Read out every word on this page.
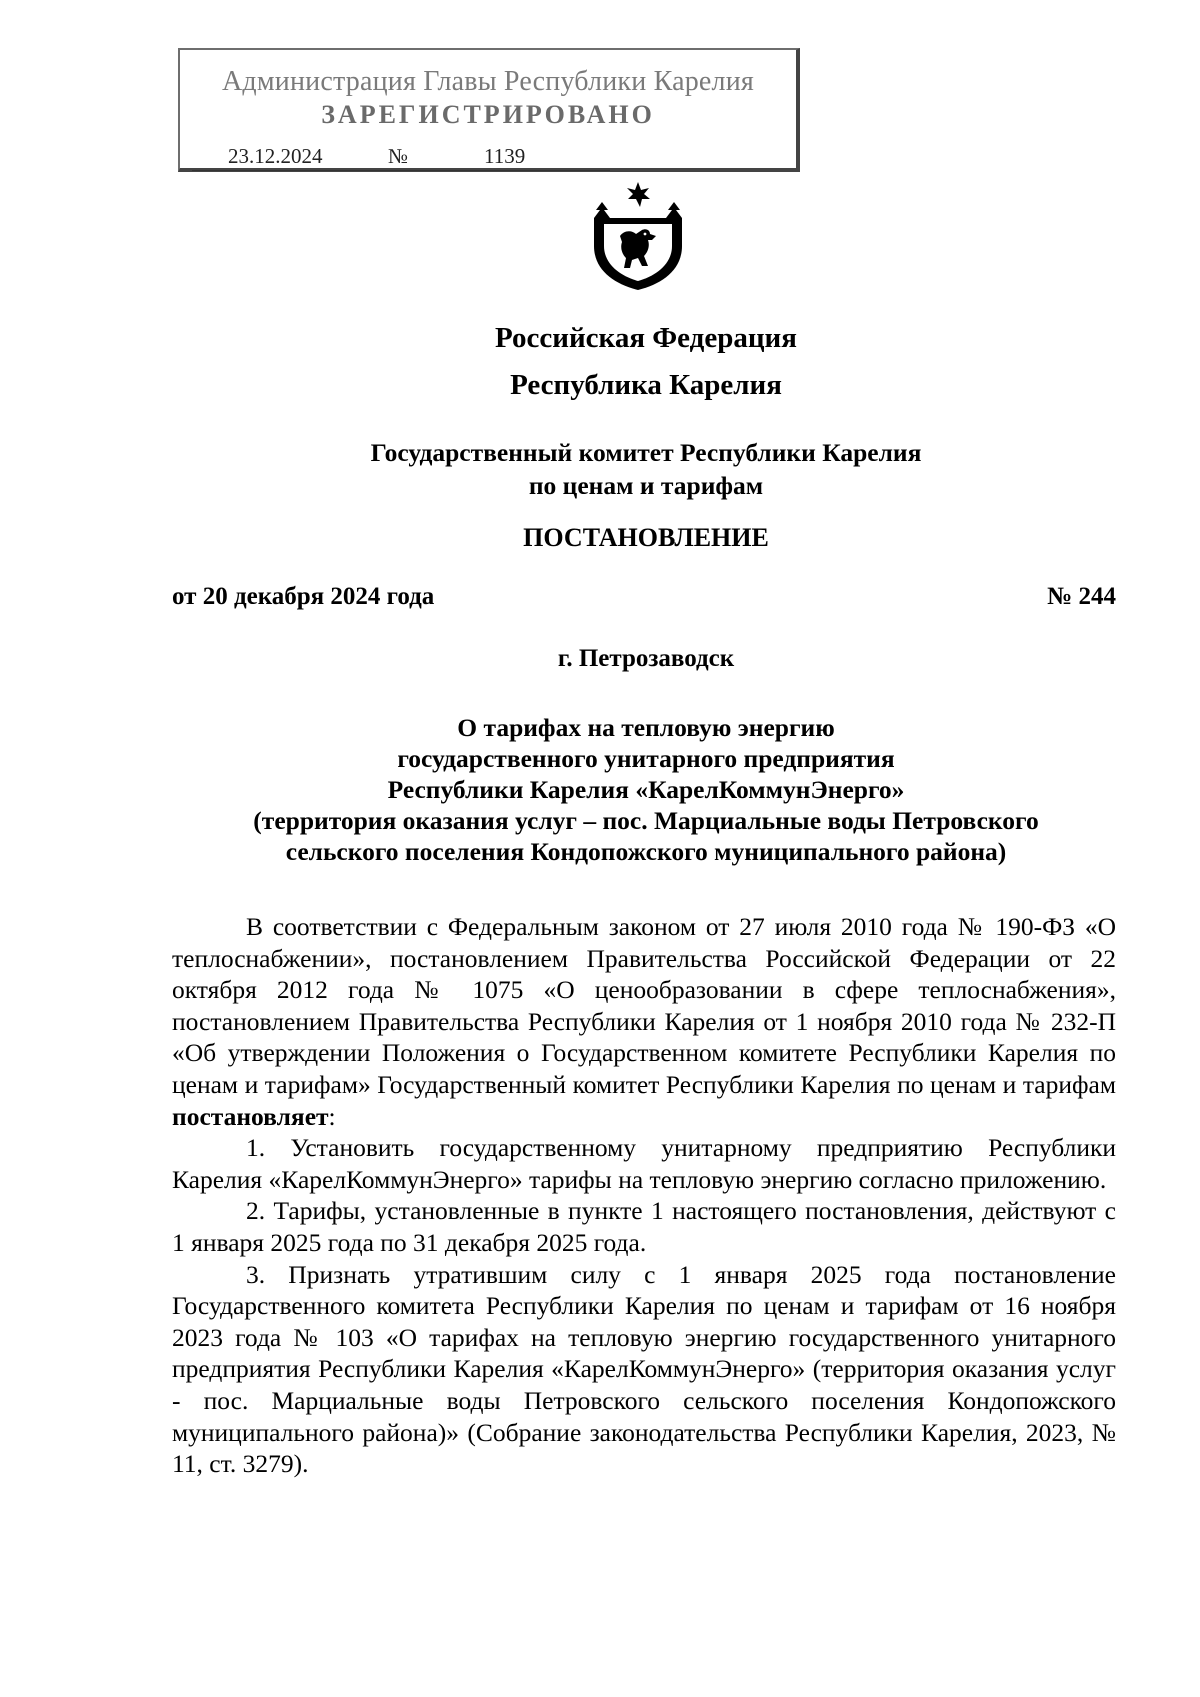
Администрация Главы Республики Карелия
ЗАРЕГИСТРИРОВАНО
23.12.2024	№	1139
Российская Федерация
Республика Карелия
Государственный комитет Республики Карелия
по ценам и тарифам
ПОСТАНОВЛЕНИЕ
от 20 декабря 2024 года	№ 244
г. Петрозаводск
О тарифах на тепловую энергию
государственного унитарного предприятия
Республики Карелия «КарелКоммунЭнерго»
(территория оказания услуг – пос. Марциальные воды Петровского
сельского поселения Кондопожского муниципального района)

В соответствии с Федеральным законом от 27 июля 2010 года № 190-ФЗ «О теплоснабжении», постановлением Правительства Российской Федерации от 22 октября 2012 года № 1075 «О ценообразовании в сфере теплоснабжения», постановлением Правительства Республики Карелия от 1 ноября 2010 года № 232-П «Об утверждении Положения о Государственном комитете Республики Карелия по ценам и тарифам» Государственный комитет Республики Карелия по ценам и тарифам постановляет:

1. Установить государственному унитарному предприятию Республики Карелия «КарелКоммунЭнерго» тарифы на тепловую энергию согласно приложению.

2. Тарифы, установленные в пункте 1 настоящего постановления, действуют с 1 января 2025 года по 31 декабря 2025 года.

3. Признать утратившим силу с 1 января 2025 года постановление Государственного комитета Республики Карелия по ценам и тарифам от 16 ноября 2023 года № 103 «О тарифах на тепловую энергию государственного унитарного предприятия Республики Карелия «КарелКоммунЭнерго» (территория оказания услуг - пос. Марциальные воды Петровского сельского поселения Кондопожского муниципального района)» (Собрание законодательства Республики Карелия, 2023, № 11, ст. 3279).
